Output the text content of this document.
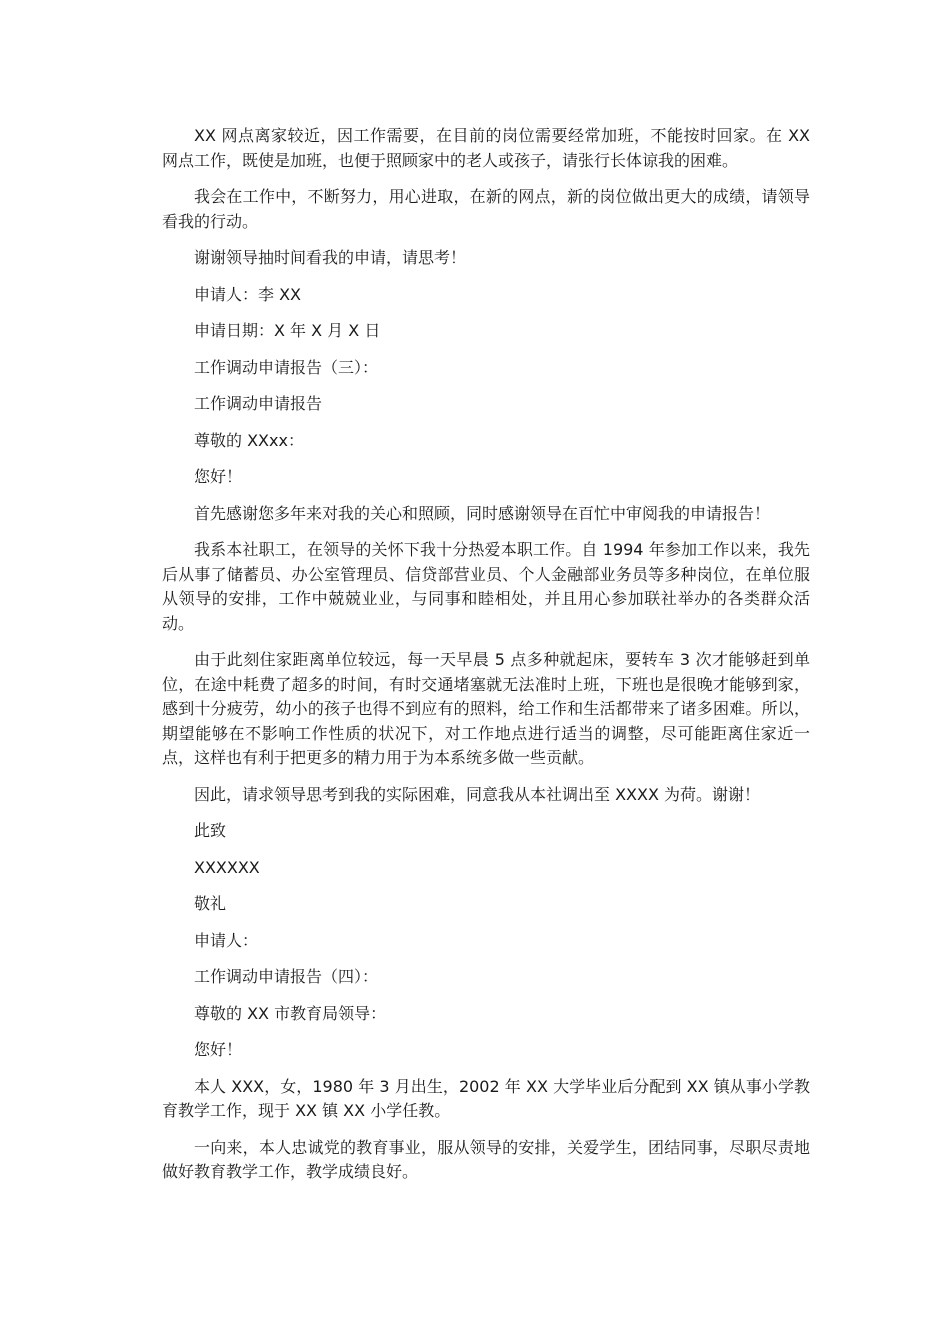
XX 网点离家较近，因工作需要，在目前的岗位需要经常加班，不能按时回家。在 XX 网点工作，既使是加班，也便于照顾家中的老人或孩子，请张行长体谅我的困难。

我会在工作中，不断努力，用心进取，在新的网点，新的岗位做出更大的成绩，请领导看我的行动。

谢谢领导抽时间看我的申请，请思考！

申请人：李 XX

申请日期：X 年 X 月 X 日

工作调动申请报告（三）：

工作调动申请报告

尊敬的 XXxx：

您好！

首先感谢您多年来对我的关心和照顾，同时感谢领导在百忙中审阅我的申请报告！

我系本社职工，在领导的关怀下我十分热爱本职工作。自 1994 年参加工作以来，我先后从事了储蓄员、办公室管理员、信贷部营业员、个人金融部业务员等多种岗位，在单位服从领导的安排，工作中兢兢业业，与同事和睦相处，并且用心参加联社举办的各类群众活动。

由于此刻住家距离单位较远，每一天早晨 5 点多种就起床，要转车 3 次才能够赶到单位，在途中耗费了超多的时间，有时交通堵塞就无法准时上班，下班也是很晚才能够到家，感到十分疲劳，幼小的孩子也得不到应有的照料，给工作和生活都带来了诸多困难。所以，期望能够在不影响工作性质的状况下，对工作地点进行适当的调整，尽可能距离住家近一点，这样也有利于把更多的精力用于为本系统多做一些贡献。

因此，请求领导思考到我的实际困难，同意我从本社调出至 XXXX 为荷。谢谢！

此致

XXXXXX

敬礼

申请人：

工作调动申请报告（四）：

尊敬的 XX 市教育局领导：

您好！

本人 XXX，女，1980 年 3 月出生，2002 年 XX 大学毕业后分配到 XX 镇从事小学教育教学工作，现于 XX 镇 XX 小学任教。

一向来，本人忠诚党的教育事业，服从领导的安排，关爱学生，团结同事，尽职尽责地做好教育教学工作，教学成绩良好。
